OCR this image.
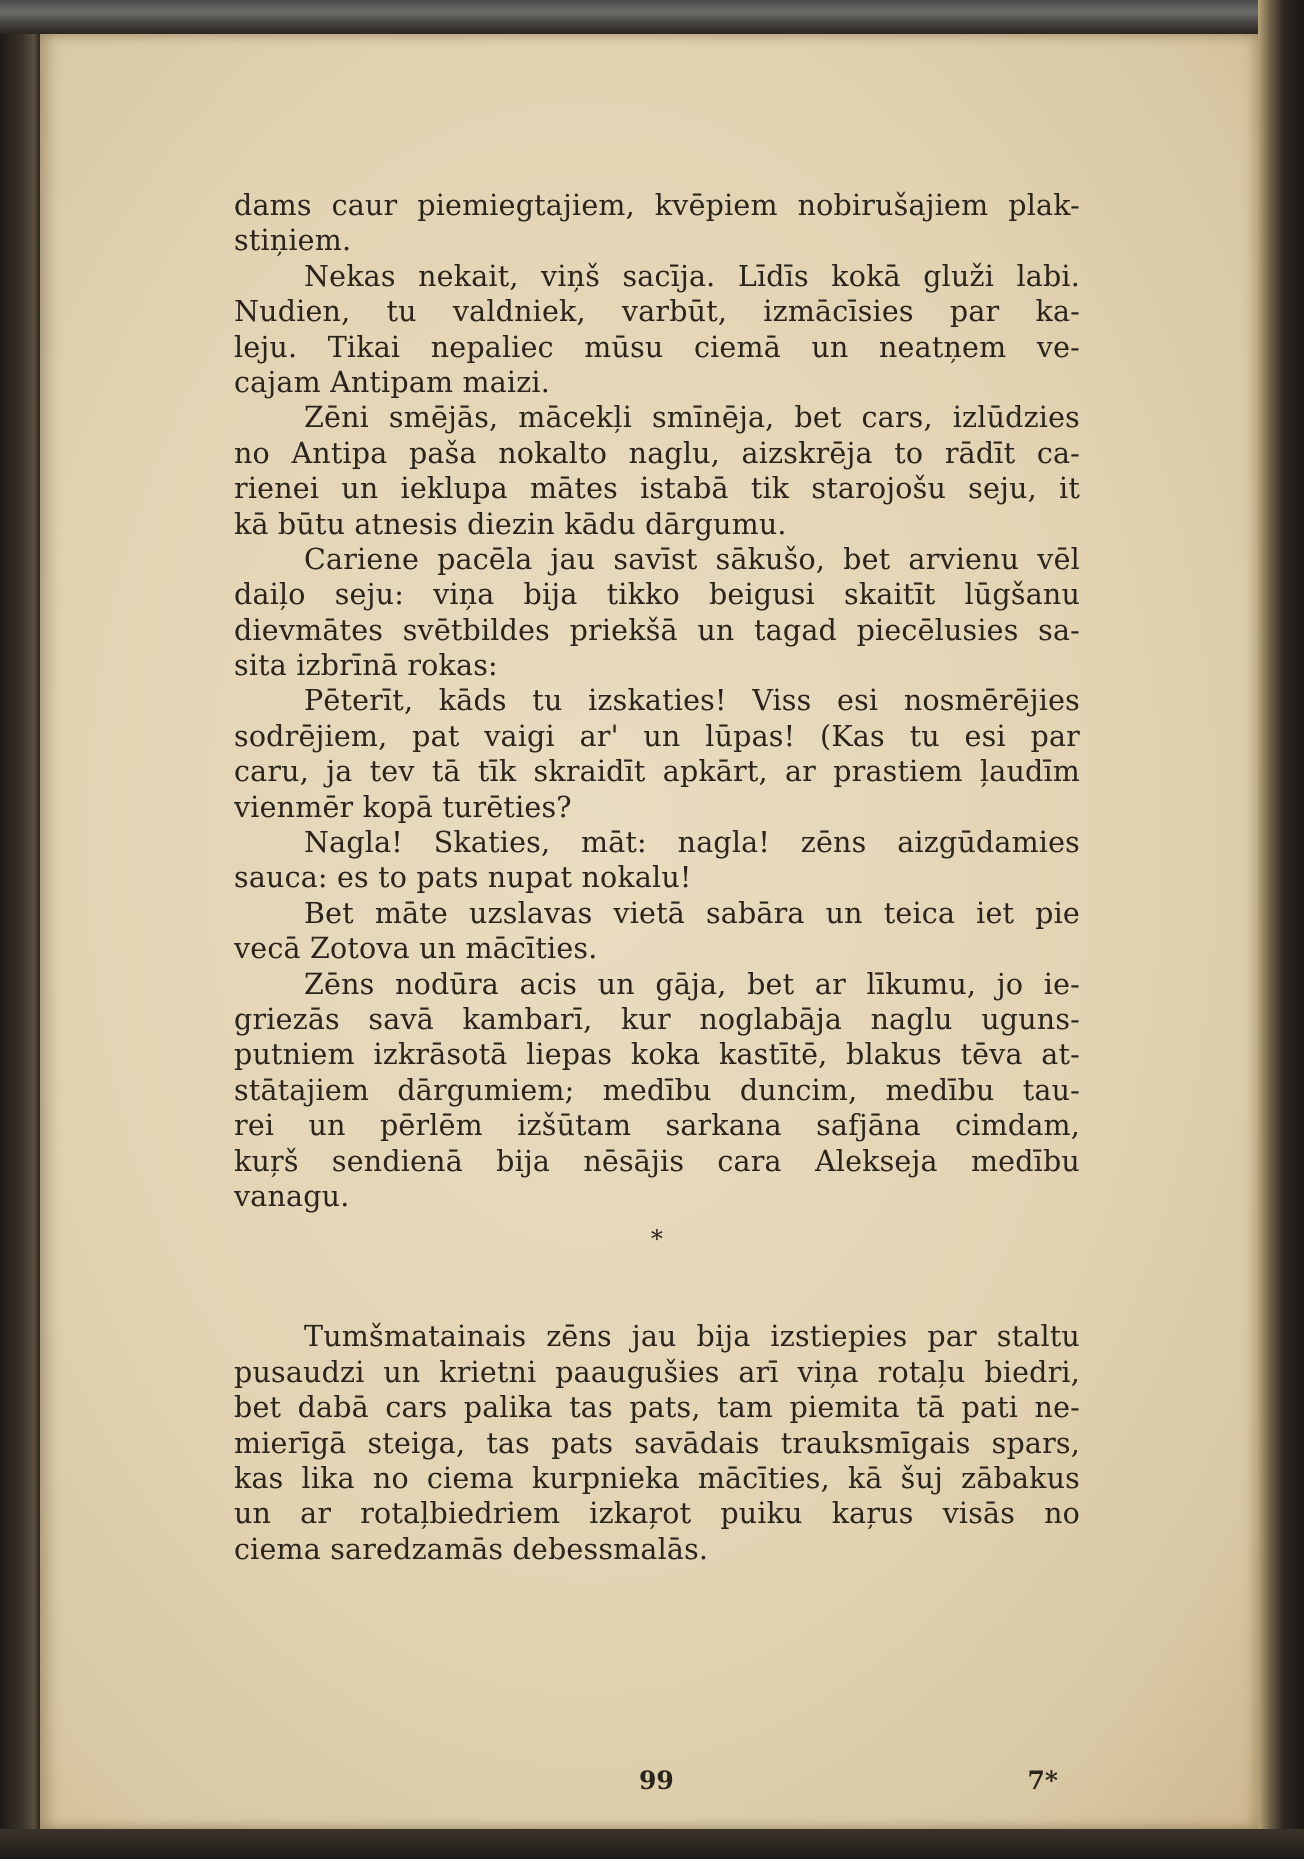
dams caur piemiegtajiem, kvēpiem nobirušajiem plak-
stiņiem.
Nekas nekait, viņš sacīja. Līdīs kokā gluži labi.
Nudien, tu valdniek, varbūt, izmācīsies par ka-
leju. Tikai nepaliec mūsu ciemā un neatņem ve-
cajam Antipam maizi.
Zēni smējās, mācekļi smīnēja, bet cars, izlūdzies
no Antipa paša nokalto naglu, aizskrēja to rādīt ca-
rienei un ieklupa mātes istabā tik starojošu seju, it
kā būtu atnesis diezin kādu dārgumu.
Cariene pacēla jau savīst sākušo, bet arvienu vēl
daiļo seju: viņa bija tikko beigusi skaitīt lūgšanu
dievmātes svētbildes priekšā un tagad piecēlusies sa-
sita izbrīnā rokas:
Pēterīt, kāds tu izskaties! Viss esi nosmērējies
sodrējiem, pat vaigi ar' un lūpas! (Kas tu esi par
caru, ja tev tā tīk skraidīt apkārt, ar prastiem ļaudīm
vienmēr kopā turēties?
Nagla! Skaties, māt: nagla! zēns aizgūdamies
sauca: es to pats nupat nokalu!
Bet māte uzslavas vietā sabāra un teica iet pie
vecā Zotova un mācīties.
Zēns nodūra acis un gāja, bet ar līkumu, jo ie-
griezās savā kambarī, kur noglabāja naglu uguns-
putniem izkrāsotā liepas koka kastītē, blakus tēva at-
stātajiem dārgumiem; medību duncim, medību tau-
rei un pērlēm izšūtam sarkana safjāna cimdam,
kuŗš sendienā bija nēsājis cara Alekseja medību
vanagu.
*
Tumšmatainais zēns jau bija izstiepies par staltu
pusaudzi un krietni paaugušies arī viņa rotaļu biedri,
bet dabā cars palika tas pats, tam piemita tā pati ne-
mierīgā steiga, tas pats savādais trauksmīgais spars,
kas lika no ciema kurpnieka mācīties, kā šuj zābakus
un ar rotaļbiedriem izkaŗot puiku kaŗus visās no
ciema saredzamās debessmalās.
99	7*
